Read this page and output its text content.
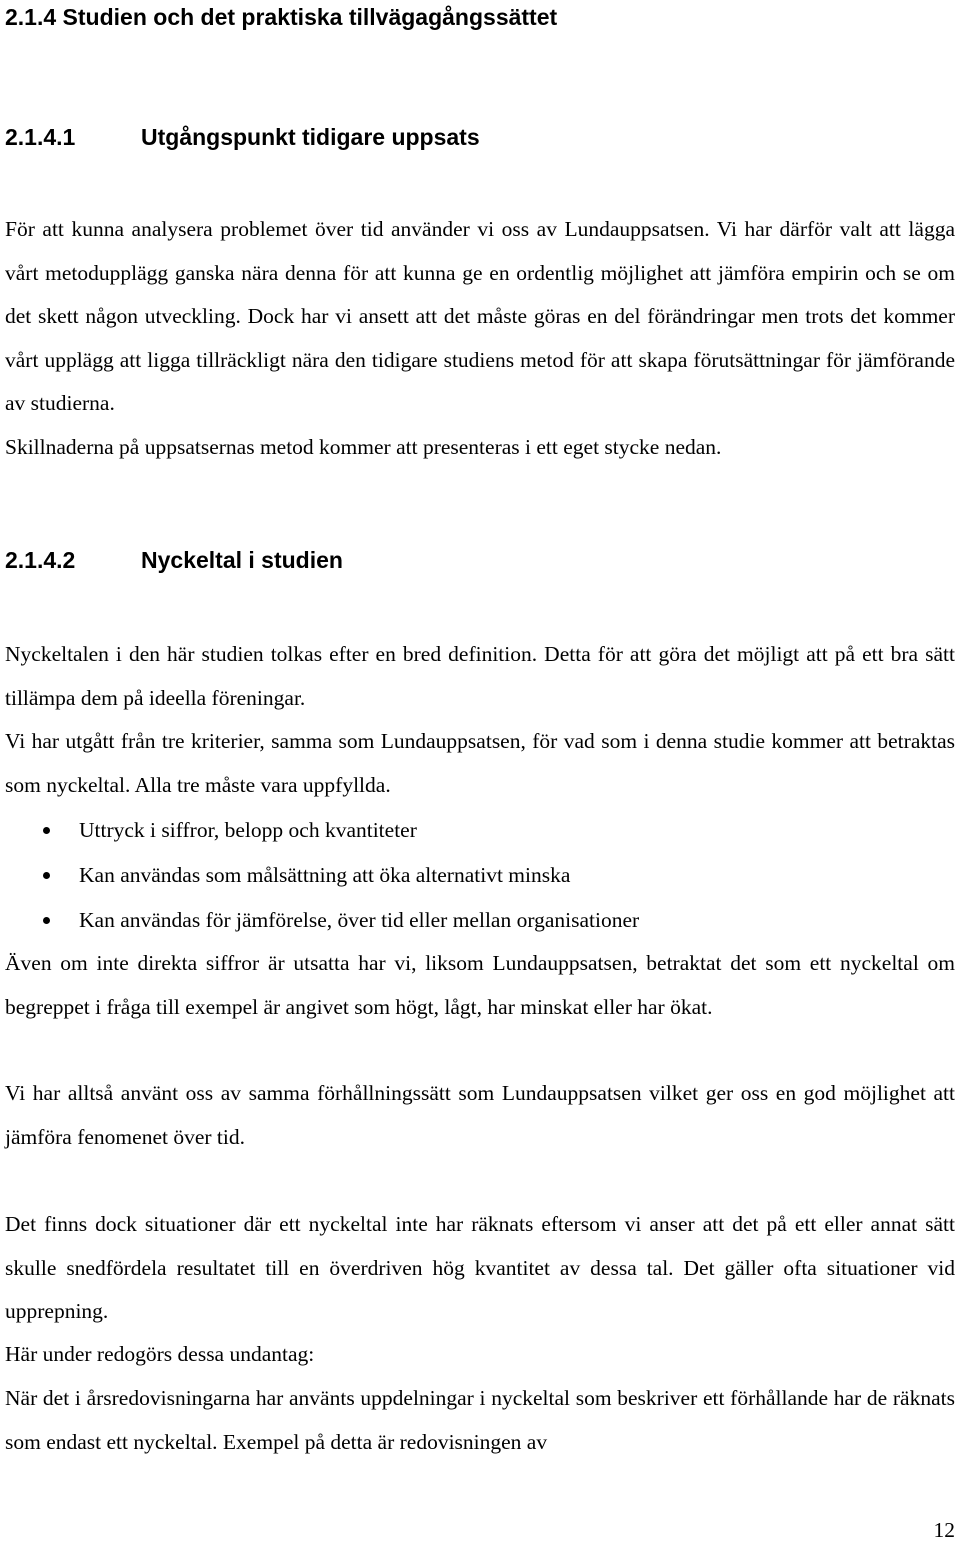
2.1.4 Studien och det praktiska tillvägagångssättet
2.1.4.1	Utgångspunkt tidigare uppsats

För att kunna analysera problemet över tid använder vi oss av Lundauppsatsen. Vi har därför valt att lägga vårt metodupplägg ganska nära denna för att kunna ge en ordentlig möjlighet att jämföra empirin och se om det skett någon utveckling. Dock har vi ansett att det måste göras en del förändringar men trots det kommer vårt upplägg att ligga tillräckligt nära den tidigare studiens metod för att skapa förutsättningar för jämförande av studierna.

Skillnaderna på uppsatsernas metod kommer att presenteras i ett eget stycke nedan.

2.1.4.2	Nyckeltal i studien

Nyckeltalen i den här studien tolkas efter en bred definition. Detta för att göra det möjligt att på ett bra sätt tillämpa dem på ideella föreningar.

Vi har utgått från tre kriterier, samma som Lundauppsatsen, för vad som i denna studie kommer att betraktas som nyckeltal. Alla tre måste vara uppfyllda.

Uttryck i siffror, belopp och kvantiteter
Kan användas som målsättning att öka alternativt minska
Kan användas för jämförelse, över tid eller mellan organisationer

Även om inte direkta siffror är utsatta har vi, liksom Lundauppsatsen, betraktat det som ett nyckeltal om begreppet i fråga till exempel är angivet som högt, lågt, har minskat eller har ökat.

Vi har alltså använt oss av samma förhållningssätt som Lundauppsatsen vilket ger oss en god möjlighet att jämföra fenomenet över tid.

Det finns dock situationer där ett nyckeltal inte har räknats eftersom vi anser att det på ett eller annat sätt skulle snedfördela resultatet till en överdriven hög kvantitet av dessa tal. Det gäller ofta situationer vid upprepning.

Här under redogörs dessa undantag:

När det i årsredovisningarna har använts uppdelningar i nyckeltal som beskriver ett förhållande har de räknats som endast ett nyckeltal. Exempel på detta är redovisningen av

12
